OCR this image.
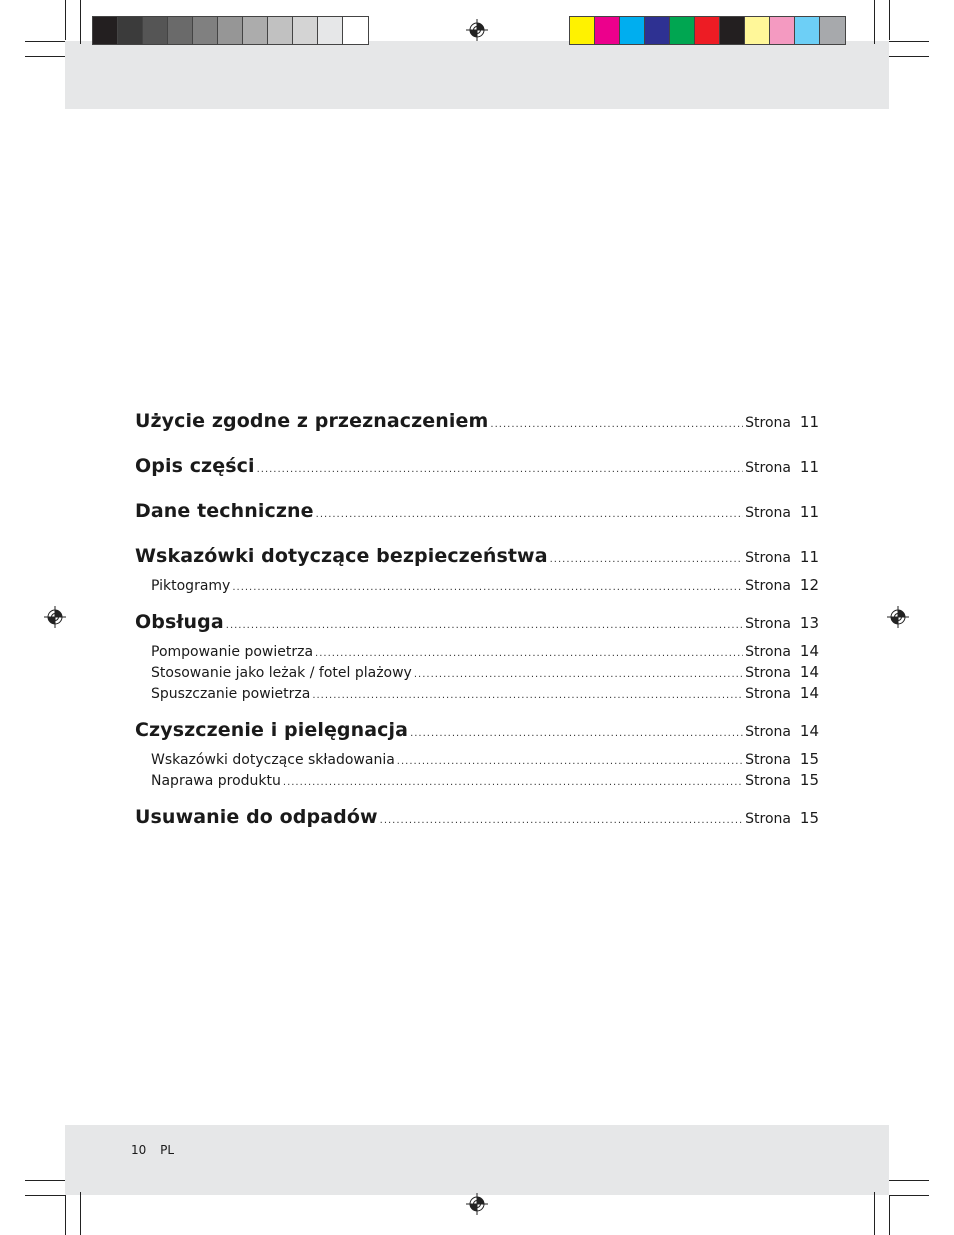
Użycie zgodne z przeznaczeniem .....	Strona 11
Opis części .....	Strona 11
Dane techniczne .....	Strona 11
Wskazówki dotyczące bezpieczeństwa .....	Strona 11
Piktogramy .....	Strona 12
Obsługa .....	Strona 13
Pompowanie powietrza .....	Strona 14
Stosowanie jako leżak / fotel plażowy .....	Strona 14
Spuszczanie powietrza .....	Strona 14
Czyszczenie i pielęgnacja .....	Strona 14
Wskazówki dotyczące składowania .....	Strona 15
Naprawa produktu .....	Strona 15
Usuwanie do odpadów .....	Strona 15
10 PL
